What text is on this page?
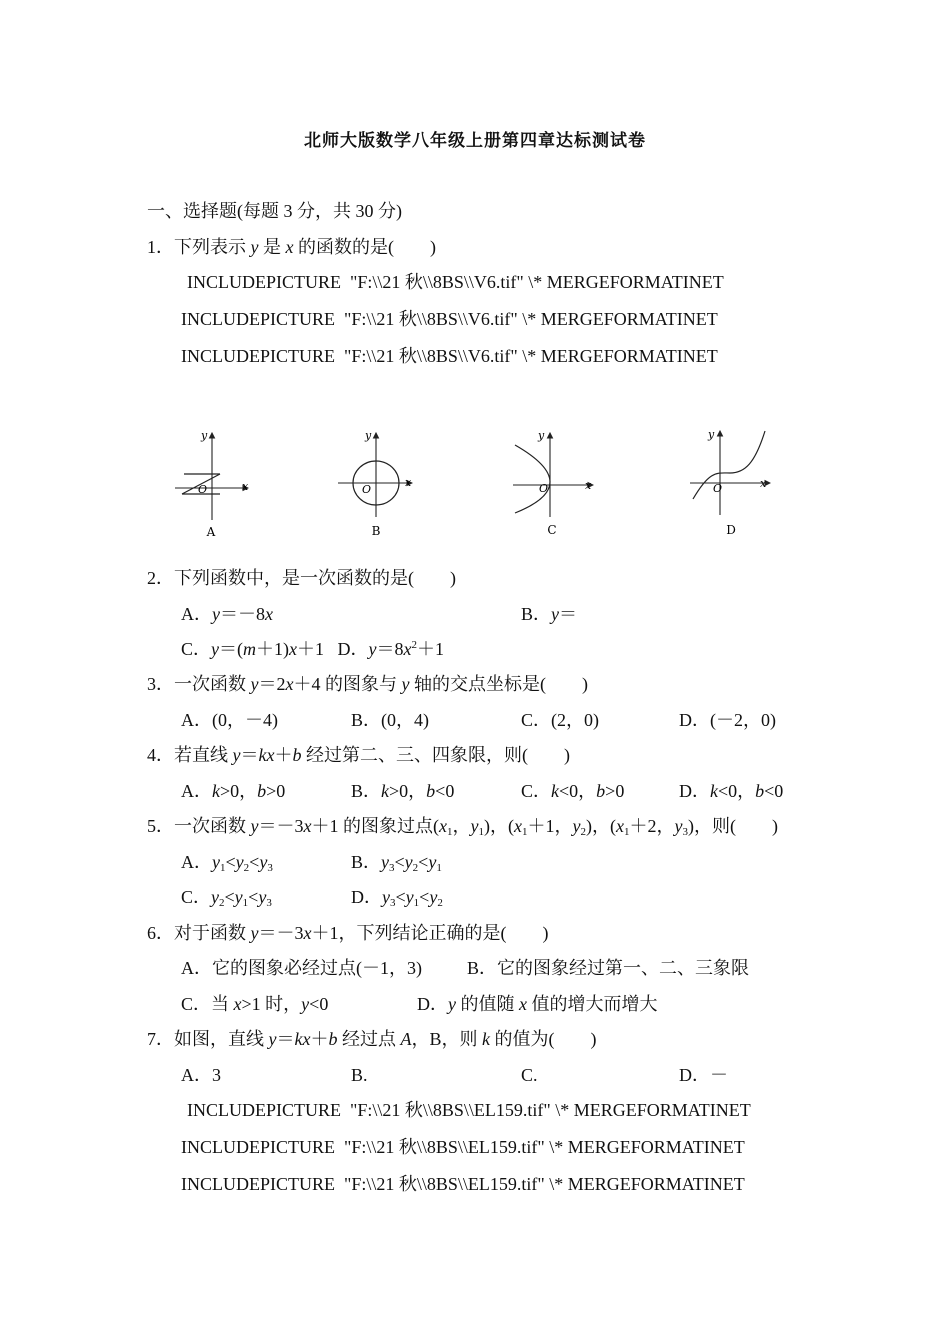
北师大版数学八年级上册第四章达标测试卷
一、选择题(每题 3 分，共 30 分)
1．下列表示 y 是 x 的函数的是(　　)
INCLUDEPICTURE  "F:\\21 秋\\8BS\\V6.tif" \* MERGEFORMATINET
INCLUDEPICTURE  "F:\\21 秋\\8BS\\V6.tif" \* MERGEFORMATINET
INCLUDEPICTURE  "F:\\21 秋\\8BS\\V6.tif" \* MERGEFORMATINET
y
x
O
A
y
x
O
B
y
x
O
C
y
x
O
D
2．下列函数中，是一次函数的是(　　)
A．y＝－8x	B．y＝
C．y＝(m＋1)x＋1 D．$y=8x^2+1$
3．一次函数 y＝2x＋4 的图象与 y 轴的交点坐标是(　　)
A．(0，－4)	B．(0，4)	C．(2，0)	D．(－2，0)
4．若直线 y＝kx＋b 经过第二、三、四象限，则(　　)
A．k>0，b>0	B．k>0，b<0	C．k<0，b>0	D．k<0，b<0
5．一次函数 y＝－3x＋1 的图象过点($x_1$，$y_1$)，($x_1+1$，$y_2$)，($x_1+2$，$y_3$)，则(　　)
A．$y_1<y_2<y_3$	B．$y_3<y_2<y_1$
C．$y_2<y_1<y_3$	D．$y_3<y_1<y_2$
6．对于函数 y＝－3x＋1，下列结论正确的是(　　)
A．它的图象必经过点(－1，3)	B．它的图象经过第一、二、三象限
C．当 x>1 时，y<0	D．y 的值随 x 值的增大而增大
7．如图，直线 y＝kx＋b 经过点 A，B，则 k 的值为(　　)
A．3	B.	C.	D．－
INCLUDEPICTURE  "F:\\21 秋\\8BS\\EL159.tif" \* MERGEFORMATINET
INCLUDEPICTURE  "F:\\21 秋\\8BS\\EL159.tif" \* MERGEFORMATINET
INCLUDEPICTURE  "F:\\21 秋\\8BS\\EL159.tif" \* MERGEFORMATINET
